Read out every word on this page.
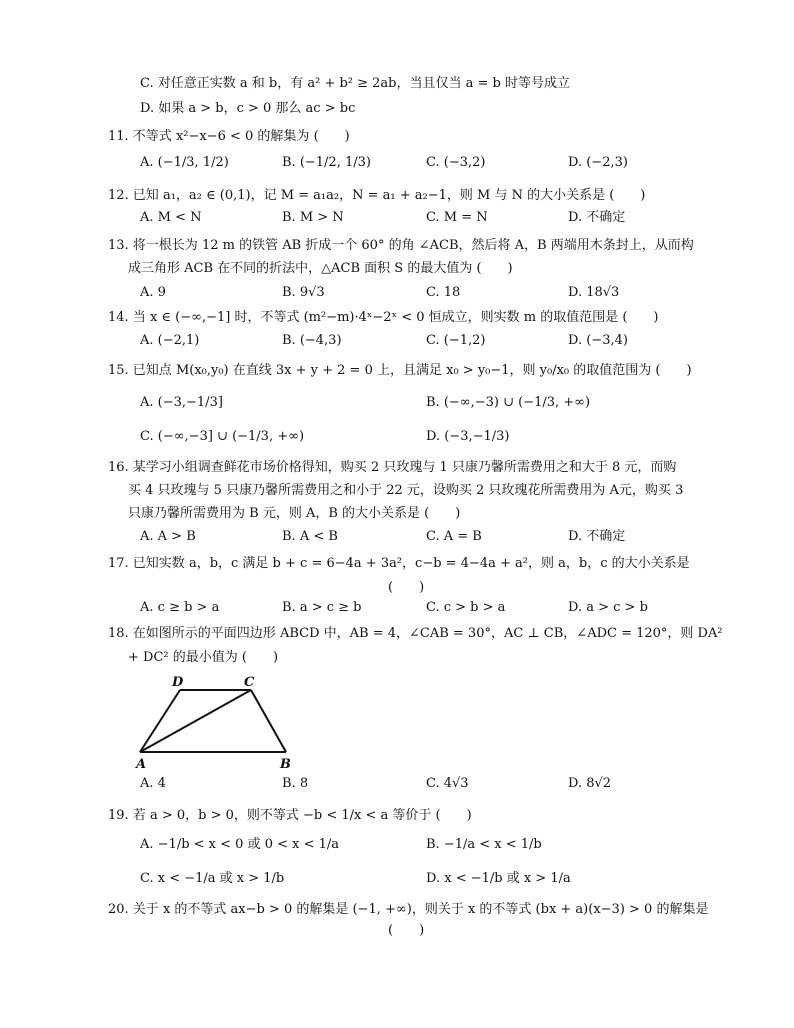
C. 对任意正实数 a 和 b，有 a² + b² ≥ 2ab，当且仅当 a = b 时等号成立
D. 如果 a > b，c > 0 那么 ac > bc
11. 不等式 x²−x−6 < 0 的解集为 (　　)
A. (−1/3, 1/2)	B. (−1/2, 1/3)	C. (−3,2)	D. (−2,3)
12. 已知 a₁，a₂ ∈ (0,1)，记 M = a₁a₂，N = a₁ + a₂−1，则 M 与 N 的大小关系是 (　　)
A. M < N	B. M > N	C. M = N	D. 不确定
13. 将一根长为 12 m 的铁管 AB 折成一个 60° 的角 ∠ACB，然后将 A，B 两端用木条封上，从而构
成三角形 ACB 在不同的折法中，△ACB 面积 S 的最大值为 (　　)
A. 9	B. 9√3	C. 18	D. 18√3
14. 当 x ∈ (−∞,−1] 时，不等式 (m²−m)·4ˣ−2ˣ < 0 恒成立，则实数 m 的取值范围是 (　　)
A. (−2,1)	B. (−4,3)	C. (−1,2)	D. (−3,4)
15. 已知点 M(x₀,y₀) 在直线 3x + y + 2 = 0 上，且满足 x₀ > y₀−1，则 y₀/x₀ 的取值范围为 (　　)
A. (−3,−1/3]	B. (−∞,−3) ∪ (−1/3, +∞)
C. (−∞,−3] ∪ (−1/3, +∞)	D. (−3,−1/3)
16. 某学习小组调查鲜花市场价格得知，购买 2 只玫瑰与 1 只康乃馨所需费用之和大于 8 元，而购
买 4 只玫瑰与 5 只康乃馨所需费用之和小于 22 元，设购买 2 只玫瑰花所需费用为 A元，购买 3
只康乃馨所需费用为 B 元，则 A，B 的大小关系是 (　　)
A. A > B	B. A < B	C. A = B	D. 不确定
17. 已知实数 a，b，c 满足 b + c = 6−4a + 3a²，c−b = 4−4a + a²，则 a，b，c 的大小关系是
(　　)
A. c ≥ b > a	B. a > c ≥ b	C. c > b > a	D. a > c > b
18. 在如图所示的平面四边形 ABCD 中，AB = 4，∠CAB = 30°，AC ⊥ CB，∠ADC = 120°，则 DA²
+ DC² 的最小值为 (　　)
D	C
A	B
A. 4	B. 8	C. 4√3	D. 8√2
19. 若 a > 0，b > 0，则不等式 −b < 1/x < a 等价于 (　　)
A. −1/b < x < 0 或 0 < x < 1/a	B. −1/a < x < 1/b
C. x < −1/a 或 x > 1/b	D. x < −1/b 或 x > 1/a
20. 关于 x 的不等式 ax−b > 0 的解集是 (−1, +∞)，则关于 x 的不等式 (bx + a)(x−3) > 0 的解集是
(　　)
